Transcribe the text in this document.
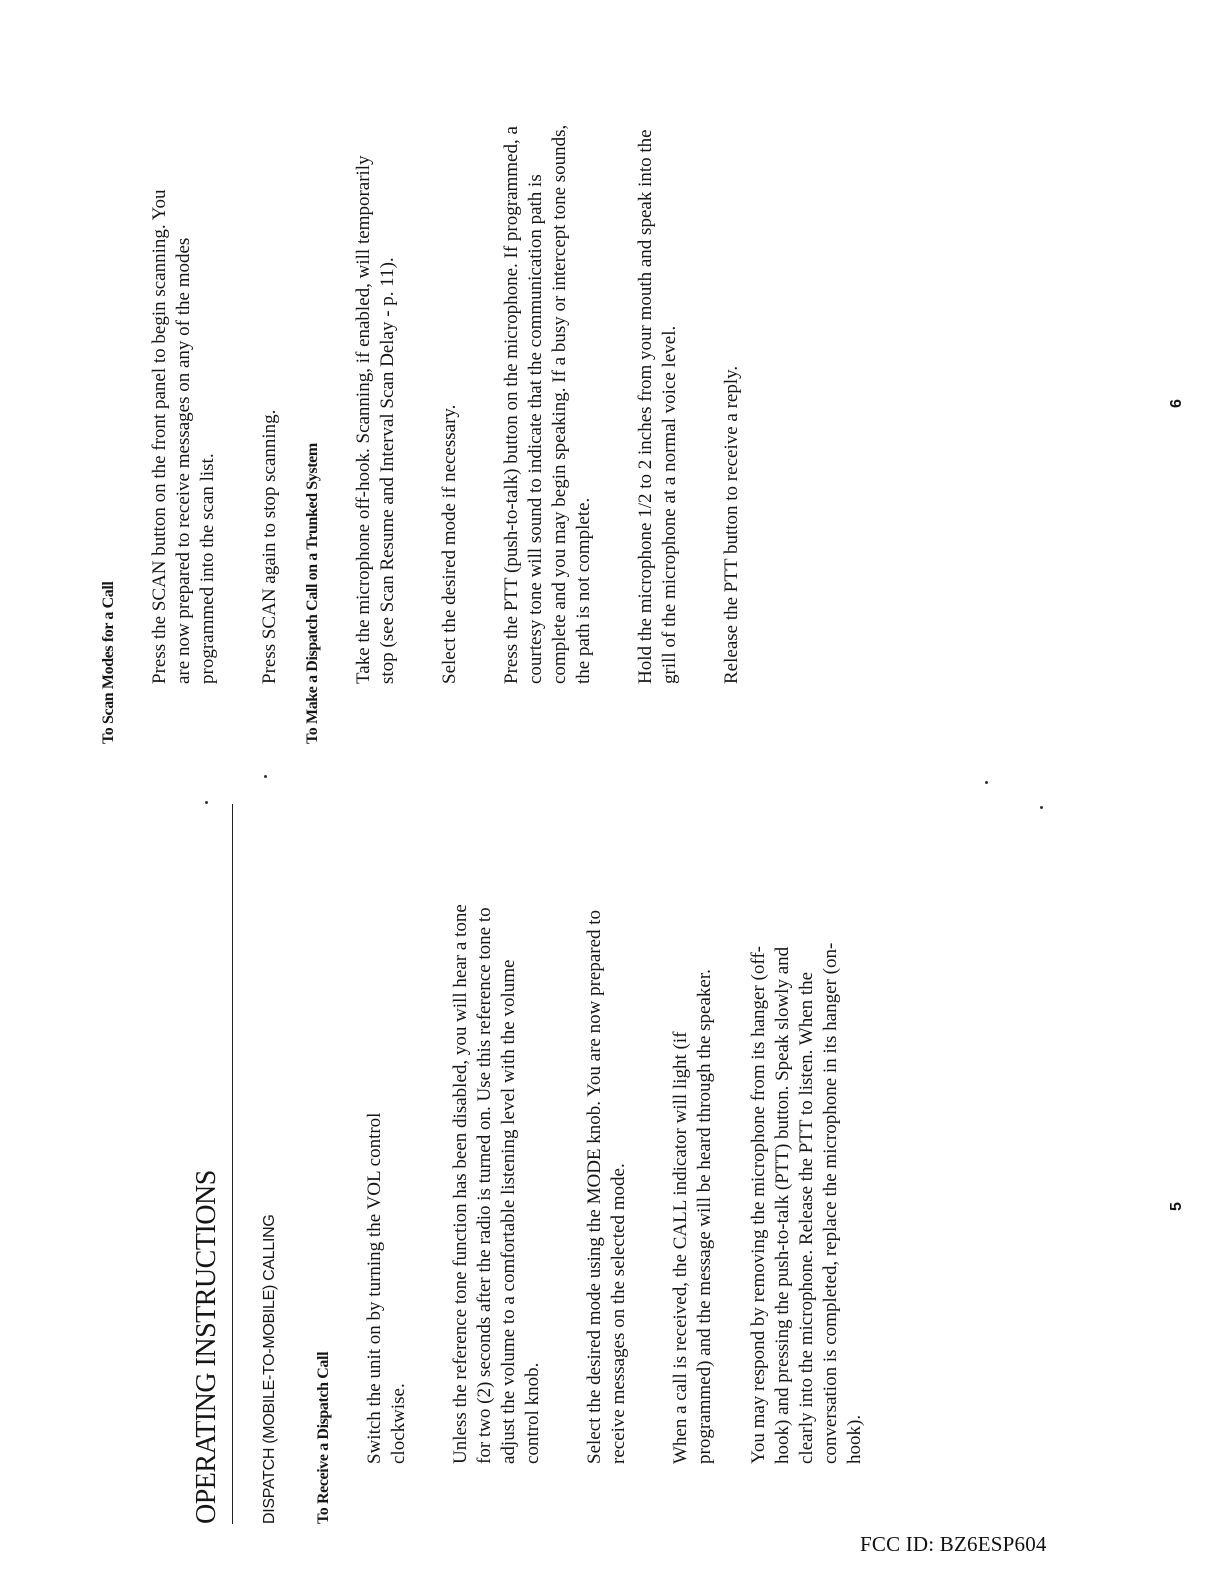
OPERATING INSTRUCTIONS	DISPATCH (MOBILE-TO-MOBILE) CALLING To Receive a Dispatch Call Switch the unit on by turning the VOL control clockwise. Unless the reference tone function has been disabled, you will hear a tone for two (2) seconds after the radio is turned on. Use this reference tone to adjust the volume to a comfortable listening level with the volume control knob. Select the desired mode using the MODE knob. You are now prepared to receive messages on the selected mode. When a call is received, the CALL indicator will light (if programmed) and the message will be heard through the speaker. You may respond by removing the microphone from its hanger (off-hook) and pressing the push-to-talk (PTT) button. Speak slowly and clearly into the microphone. Release the PTT to listen. When the conversation is completed, replace the microphone in its hanger (on-hook).

5

To Scan Modes for a Call Press the SCAN button on the front panel to begin scanning. You are now prepared to receive messages on any of the modes programmed into the scan list. Press SCAN again to stop scanning. To Make a Dispatch Call on a Trunked System Take the microphone off-hook. Scanning, if enabled, will temporarily stop (see Scan Resume and Interval Scan Delay - p. 11). Select the desired mode if necessary. Press the PTT (push-to-talk) button on the microphone. If programmed, a courtesy tone will sound to indicate that the communication path is complete and you may begin speaking. If a busy or intercept tone sounds, the path is not complete. Hold the microphone 1/2 to 2 inches from your mouth and speak into the grill of the microphone at a normal voice level. Release the PTT button to receive a reply.	6
FCC ID: BZ6ESP604
